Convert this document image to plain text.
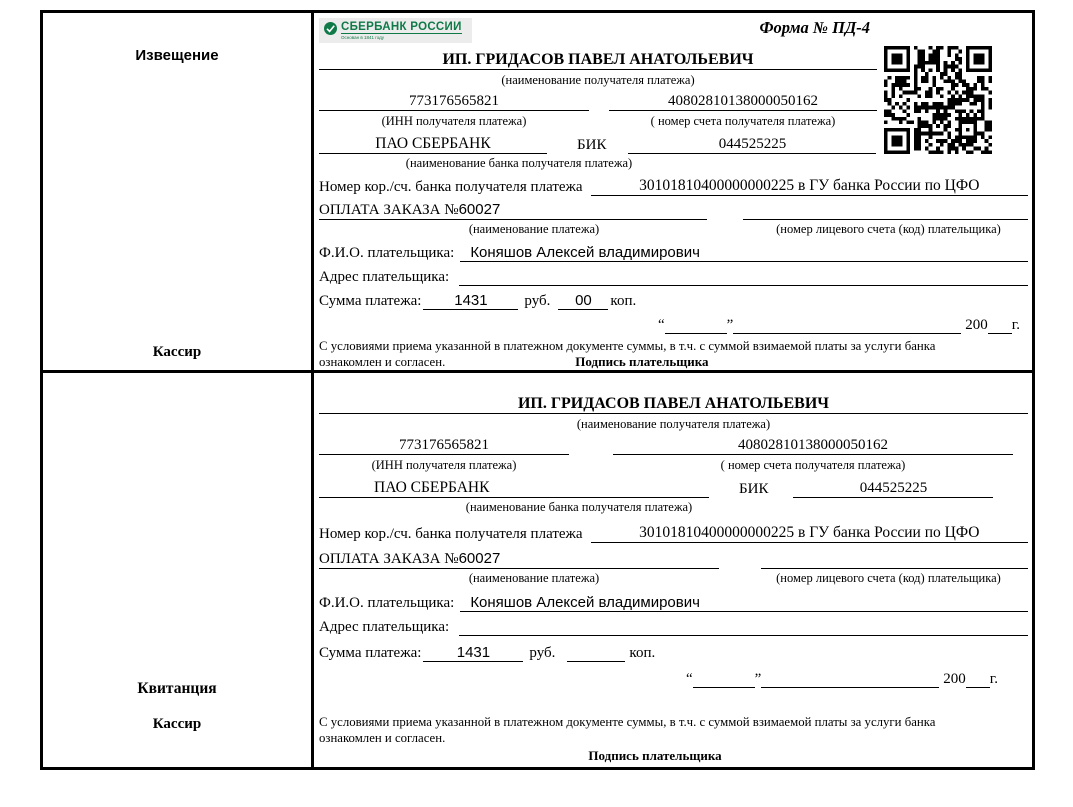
Извещение
Кассир
СБЕРБАНК РОССИИ
Основан в 1841 году
Форма № ПД-4
ИП. ГРИДАСОВ ПАВЕЛ АНАТОЛЬЕВИЧ
(наименование получателя платежа)
773176565821	40802810138000050162
(ИНН получателя платежа)	( номер счета получателя платежа)
ПАО СБЕРБАНК	БИК	044525225
(наименование банка получателя платежа)
Номер кор./сч. банка получателя платежа	30101810400000000225 в ГУ банка России по ЦФО
ОПЛАТА ЗАКАЗА №60027
(наименование платежа)	(номер лицевого счета (код) плательщика)
Ф.И.О. плательщика:	Коняшов Алексей владимирович
Адрес плательщика:
Сумма платежа:	1431	руб.	00	коп.
“	”	200 г.
С условиями приема указанной в платежном документе суммы, в т.ч. с суммой взимаемой платы за услуги банка
ознакомлен и согласен.	Подпись плательщика
Квитанция
Кассир
ИП. ГРИДАСОВ ПАВЕЛ АНАТОЛЬЕВИЧ
(наименование получателя платежа)
773176565821	40802810138000050162
(ИНН получателя платежа)	( номер счета получателя платежа)
ПАО СБЕРБАНК	БИК	044525225
(наименование банка получателя платежа)
Номер кор./сч. банка получателя платежа	30101810400000000225 в ГУ банка России по ЦФО
ОПЛАТА ЗАКАЗА №60027
(наименование платежа)	(номер лицевого счета (код) плательщика)
Ф.И.О. плательщика:	Коняшов Алексей владимирович
Адрес плательщика:
Сумма платежа:	1431	руб.	коп.
“	”	200 г.
С условиями приема указанной в платежном документе суммы, в т.ч. с суммой взимаемой платы за услуги банка
ознакомлен и согласен.
Подпись плательщика
